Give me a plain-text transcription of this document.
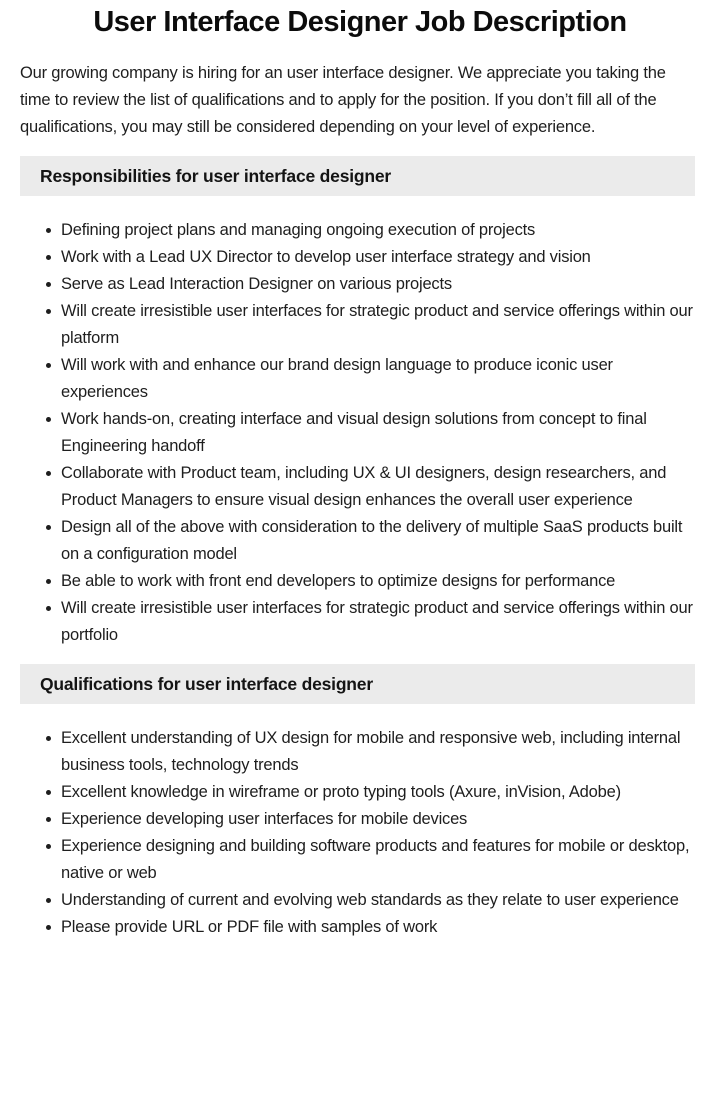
User Interface Designer Job Description

Our growing company is hiring for an user interface designer. We appreciate you taking the time to review the list of qualifications and to apply for the position. If you don’t fill all of the qualifications, you may still be considered depending on your level of experience.

Responsibilities for user interface designer
Defining project plans and managing ongoing execution of projects
Work with a Lead UX Director to develop user interface strategy and vision
Serve as Lead Interaction Designer on various projects
Will create irresistible user interfaces for strategic product and service offerings within our platform
Will work with and enhance our brand design language to produce iconic user experiences
Work hands-on, creating interface and visual design solutions from concept to final Engineering handoff
Collaborate with Product team, including UX & UI designers, design researchers, and Product Managers to ensure visual design enhances the overall user experience
Design all of the above with consideration to the delivery of multiple SaaS products built on a configuration model
Be able to work with front end developers to optimize designs for performance
Will create irresistible user interfaces for strategic product and service offerings within our portfolio
Qualifications for user interface designer
Excellent understanding of UX design for mobile and responsive web, including internal business tools, technology trends
Excellent knowledge in wireframe or proto typing tools (Axure, inVision, Adobe)
Experience developing user interfaces for mobile devices
Experience designing and building software products and features for mobile or desktop, native or web
Understanding of current and evolving web standards as they relate to user experience
Please provide URL or PDF file with samples of work
